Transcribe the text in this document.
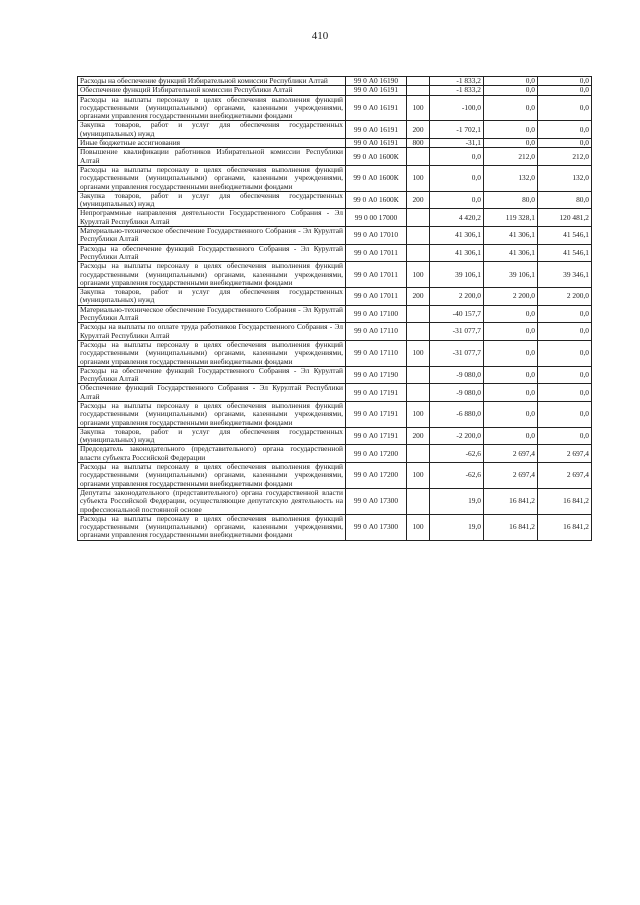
410
Расходы на обеспечение функций Избирательной комиссии Республики Алтай	99 0 А0 16190		-1 833,2	0,0	0,0
Обеспечение функций Избирательной комиссии Республики Алтай	99 0 А0 16191		-1 833,2	0,0	0,0
Расходы на выплаты персоналу в целях обеспечения выполнения функций государственными (муниципальными) органами, казенными учреждениями, органами управления государственными внебюджетными фондами	99 0 А0 16191	100	-100,0	0,0	0,0
Закупка товаров, работ и услуг для обеспечения государственных (муниципальных) нужд	99 0 А0 16191	200	-1 702,1	0,0	0,0
Иные бюджетные ассигнования	99 0 А0 16191	800	-31,1	0,0	0,0
Повышение квалификации работников Избирательной комиссии Республики Алтай	99 0 А0 1600К		0,0	212,0	212,0
Расходы на выплаты персоналу в целях обеспечения выполнения функций государственными (муниципальными) органами, казенными учреждениями, органами управления государственными внебюджетными фондами	99 0 А0 1600К	100	0,0	132,0	132,0
Закупка товаров, работ и услуг для обеспечения государственных (муниципальных) нужд	99 0 А0 1600К	200	0,0	80,0	80,0
Непрограммные направления деятельности Государственного Собрания - Эл Курултай Республики Алтай	99 0 00 17000		4 420,2	119 328,1	120 481,2
Материально-техническое обеспечение Государственного Собрания - Эл Курултай Республики Алтай	99 0 А0 17010		41 306,1	41 306,1	41 546,1
Расходы на обеспечение функций Государственного Собрания - Эл Курултай Республики Алтай	99 0 А0 17011		41 306,1	41 306,1	41 546,1
Расходы на выплаты персоналу в целях обеспечения выполнения функций государственными (муниципальными) органами, казенными учреждениями, органами управления государственными внебюджетными фондами	99 0 А0 17011	100	39 106,1	39 106,1	39 346,1
Закупка товаров, работ и услуг для обеспечения государственных (муниципальных) нужд	99 0 А0 17011	200	2 200,0	2 200,0	2 200,0
Материально-техническое обеспечение Государственного Собрания - Эл Курултай Республики Алтай	99 0 А0 17100		-40 157,7	0,0	0,0
Расходы на выплаты по оплате труда работников Государственного Собрания - Эл Курултай Республики Алтай	99 0 А0 17110		-31 077,7	0,0	0,0
Расходы на выплаты персоналу в целях обеспечения выполнения функций государственными (муниципальными) органами, казенными учреждениями, органами управления государственными внебюджетными фондами	99 0 А0 17110	100	-31 077,7	0,0	0,0
Расходы на обеспечение функций Государственного Собрания - Эл Курултай Республики Алтай	99 0 А0 17190		-9 080,0	0,0	0,0
Обеспечение функций Государственного Собрания - Эл Курултай Республики Алтай	99 0 А0 17191		-9 080,0	0,0	0,0
Расходы на выплаты персоналу в целях обеспечения выполнения функций государственными (муниципальными) органами, казенными учреждениями, органами управления государственными внебюджетными фондами	99 0 А0 17191	100	-6 880,0	0,0	0,0
Закупка товаров, работ и услуг для обеспечения государственных (муниципальных) нужд	99 0 А0 17191	200	-2 200,0	0,0	0,0
Председатель законодательного (представительного) органа государственной власти субъекта Российской Федерации	99 0 А0 17200		-62,6	2 697,4	2 697,4
Расходы на выплаты персоналу в целях обеспечения выполнения функций государственными (муниципальными) органами, казенными учреждениями, органами управления государственными внебюджетными фондами	99 0 А0 17200	100	-62,6	2 697,4	2 697,4
Депутаты законодательного (представительного) органа государственной власти субъекта Российской Федерации, осуществляющие депутатскую деятельность на профессиональной постоянной основе	99 0 А0 17300		19,0	16 841,2	16 841,2
Расходы на выплаты персоналу в целях обеспечения выполнения функций государственными (муниципальными) органами, казенными учреждениями, органами управления государственными внебюджетными фондами	99 0 А0 17300	100	19,0	16 841,2	16 841,2
